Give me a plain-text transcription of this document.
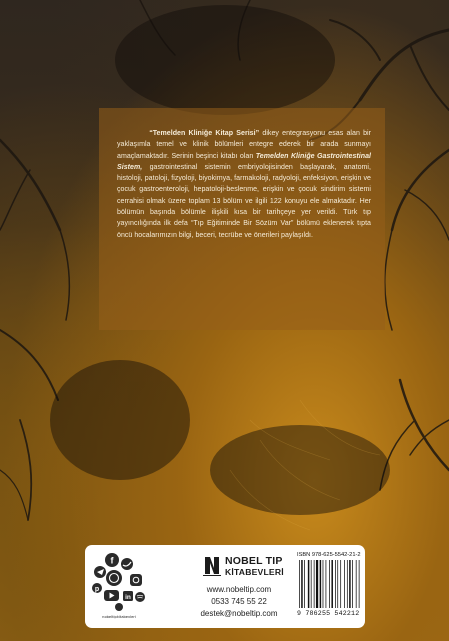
“Temelden Kliniğe Kitap Serisi” dikey entegrasyonu esas alan bir yaklaşımla temel ve klinik bölümleri entegre ederek bir arada sunmayı amaçlamaktadır. Serinin beşinci kitabı olan Temelden Kliniğe Gastrointestinal Sistem, gastrointestinal sistemin embriyolojisinden başlayarak, anatomi, histoloji, patoloji, fizyoloji, biyokimya, farmakoloji, radyoloji, enfeksiyon, erişkin ve çocuk gastroenteroloji, hepatoloji-beslenme, erişkin ve çocuk sindirim sistemi cerrahisi olmak üzere toplam 13 bölüm ve ilgili 122 konuyu ele almaktadır. Her bölümün başında bölümle ilişkili kısa bir tarihçeye yer verildi. Türk tıp yayıncılığında ilk defa “Tıp Eğitiminde Bir Sözüm Var” bölümü eklenerek tıpta öncü hocalarımızın bilgi, beceri, tecrübe ve önerileri paylaşıldı.

f
p
in
nobeltipkitabevleri
NOBEL TIP
KİTABEVLERİ
www.nobeltip.com
0533 745 55 22
destek@nobeltip.com
ISBN 978-625-5542-21-2
9 786255 542212
